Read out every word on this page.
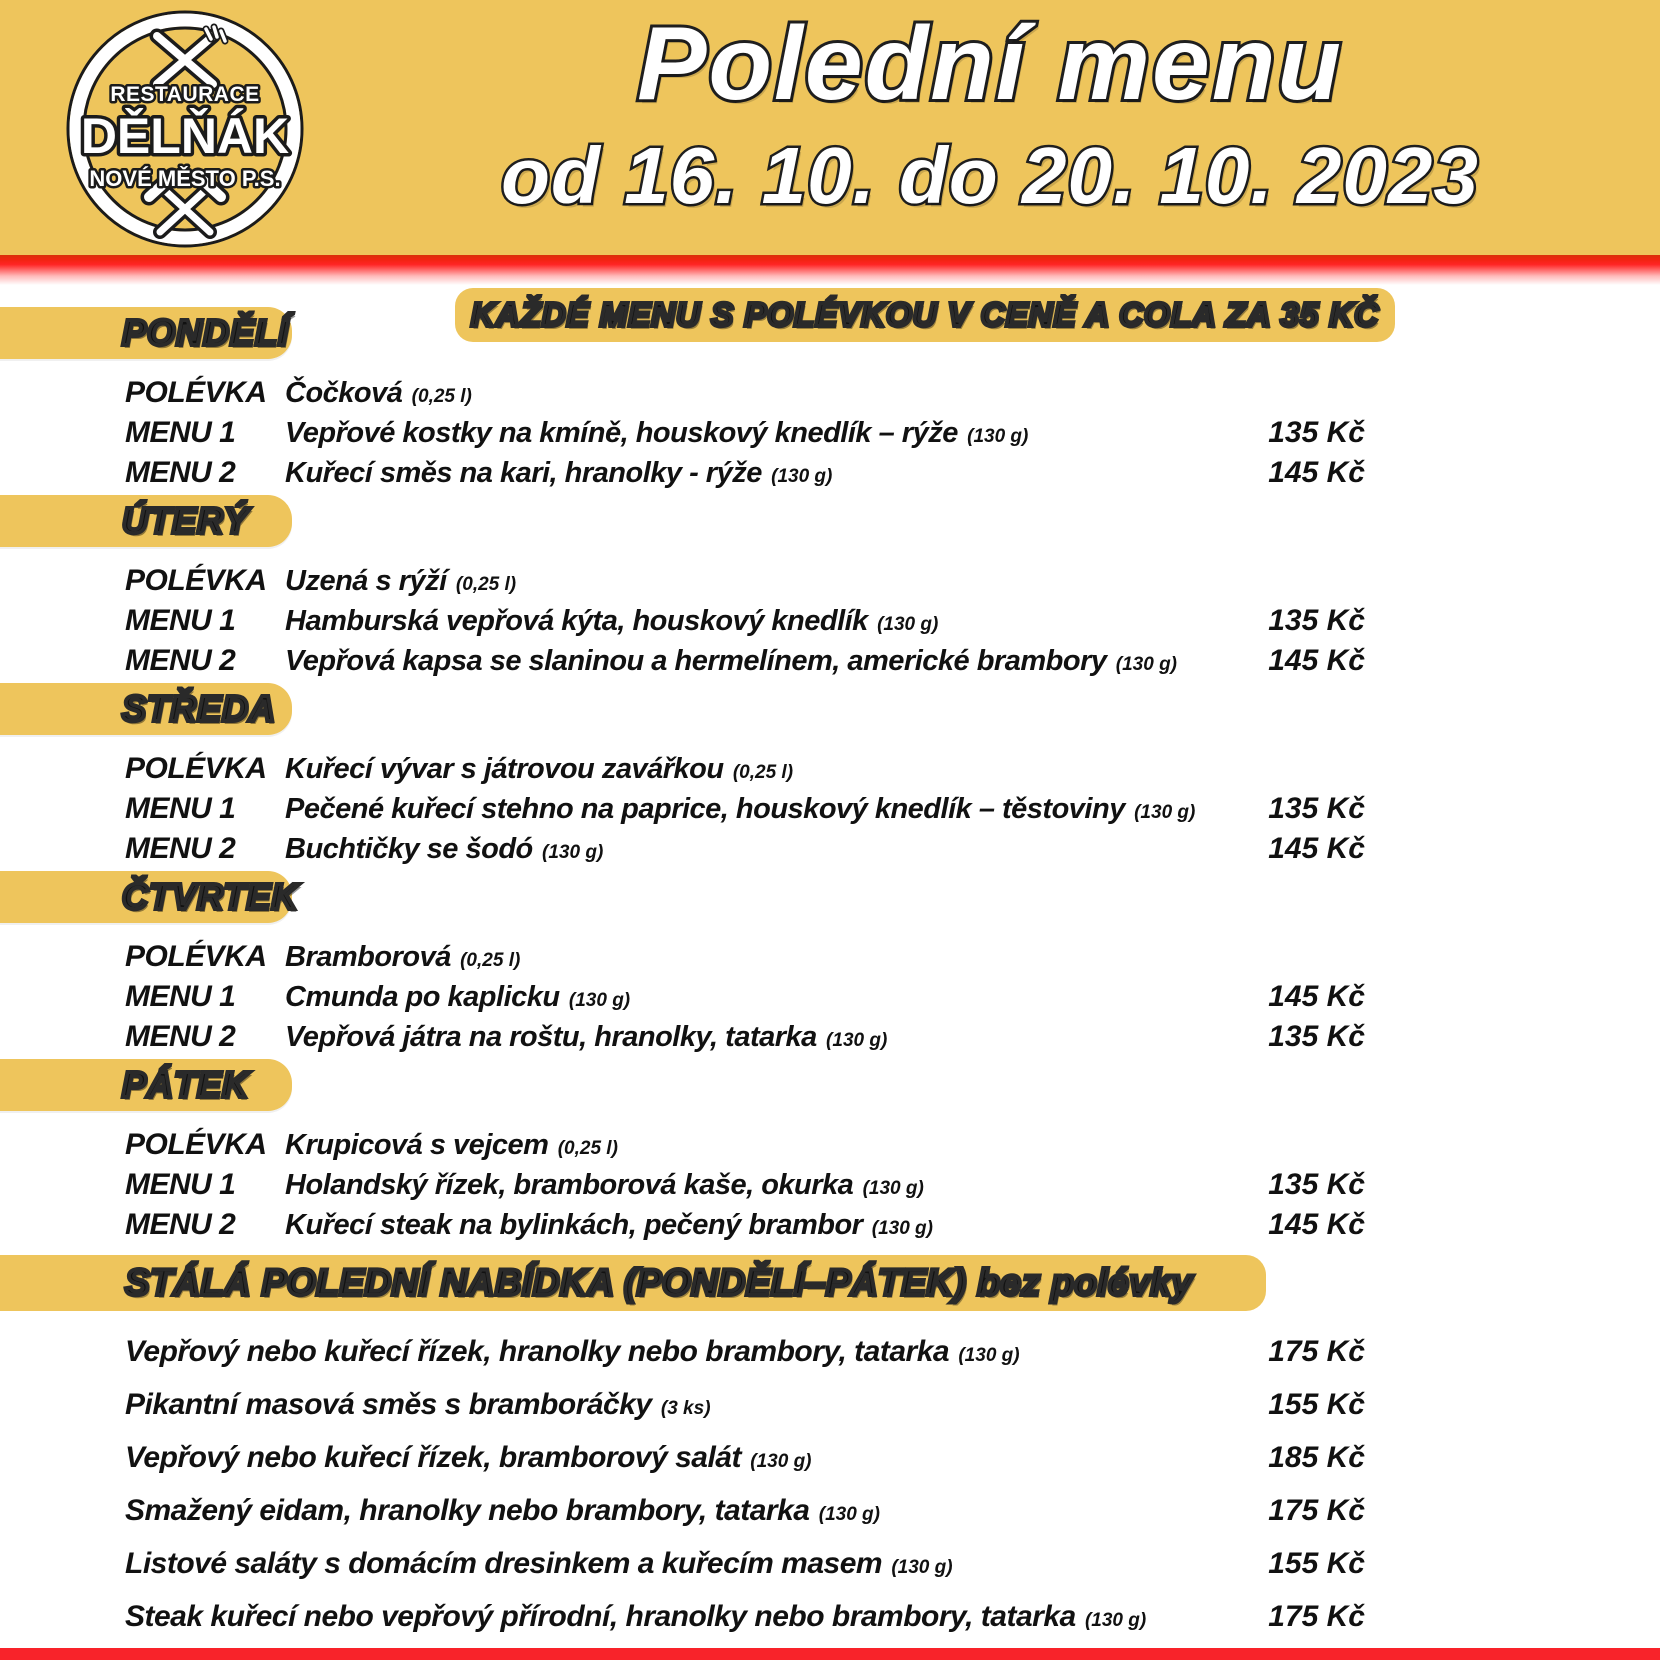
RESTAURACE
DĚLŇÁK
NOVÉ MĚSTO P.S.
Polední menu
od 16. 10. do 20. 10. 2023
KAŽDÉ MENU S POLÉVKOU V CENĚ A COLA ZA 35 KČ
PONDĚLÍ
POLÉVKA Čočková (0,25 l)
MENU 1	Vepřové kostky na kmíně, houskový knedlík – rýže (130 g)	135 Kč
MENU 2	Kuřecí směs na kari, hranolky - rýže (130 g)	145 Kč
ÚTERÝ
POLÉVKA Uzená s rýží (0,25 l)
MENU 1	Hamburská vepřová kýta, houskový knedlík (130 g)	135 Kč
MENU 2	Vepřová kapsa se slaninou a hermelínem, americké brambory (130 g)	145 Kč
STŘEDA
POLÉVKA Kuřecí vývar s játrovou zavářkou (0,25 l)
MENU 1	Pečené kuřecí stehno na paprice, houskový knedlík – těstoviny (130 g)	135 Kč
MENU 2	Buchtičky se šodó (130 g)	145 Kč
ČTVRTEK
POLÉVKA Bramborová (0,25 l)
MENU 1	Cmunda po kaplicku (130 g)	145 Kč
MENU 2	Vepřová játra na roštu, hranolky, tatarka (130 g)	135 Kč
PÁTEK
POLÉVKA Krupicová s vejcem (0,25 l)
MENU 1	Holandský řízek, bramborová kaše, okurka (130 g)	135 Kč
MENU 2	Kuřecí steak na bylinkách, pečený brambor (130 g)	145 Kč
STÁLÁ POLEDNÍ NABÍDKA (PONDĚLÍ–PÁTEK) bez polévky
Vepřový nebo kuřecí řízek, hranolky nebo brambory, tatarka (130 g)	175 Kč
Pikantní masová směs s bramboráčky (3 ks)	155 Kč
Vepřový nebo kuřecí řízek, bramborový salát (130 g)	185 Kč
Smažený eidam, hranolky nebo brambory, tatarka (130 g)	175 Kč
Listové saláty s domácím dresinkem a kuřecím masem (130 g)	155 Kč
Steak kuřecí nebo vepřový přírodní, hranolky nebo brambory, tatarka (130 g)	175 Kč
